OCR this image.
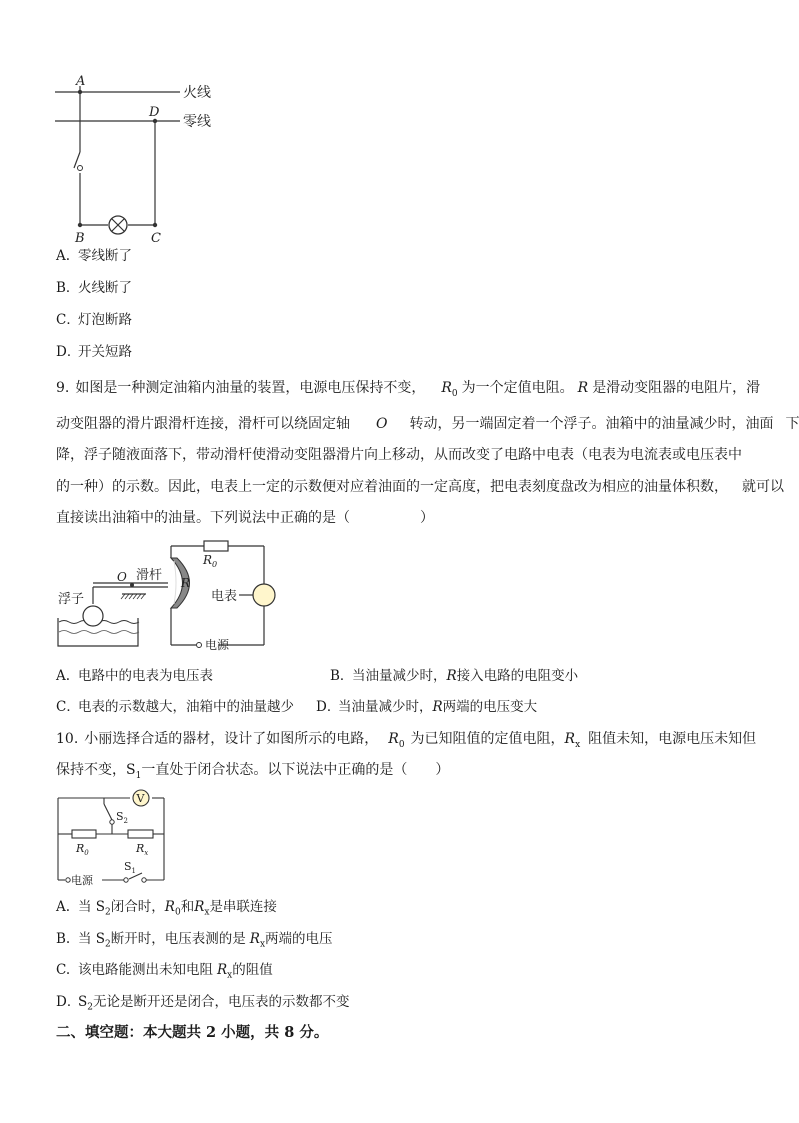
A
D
B	C
火线
零线
A. 零线断了
B．火线断了
C．灯泡断路
D．开关短路
9. 如图是一种测定油箱内油量的装置，电源电压保持不变， $R_0$ 为一个定值电阻。 R 是滑动变阻器的电阻片，滑
动变阻器的滑片跟滑杆连接，滑杆可以绕固定轴 O 转动，另一端固定着一个浮子。油箱中的油量减少时，油面 下
降，浮子随液面落下，带动滑杆使滑动变阻器滑片向上移动，从而改变了电路中电表（电表为电流表或电压表中
的一种）的示数。因此，电表上一定的示数便对应着油面的一定高度，把电表刻度盘改为相应的油量体积数， 就可以
直接读出油箱中的油量。下列说法中正确的是（　　　　　）
电源
$R_0$
滑杆
O	R
浮子	电表
A. 电路中的电表为电压表	B．当油量减少时，R接入电路的电阻变小
C．电表的示数越大，油箱中的油量越少 D．当油量减少时，R两端的电压变大
10. 小丽选择合适的器材，设计了如图所示的电路， $R_0$ 为已知阻值的定值电阻，$R_x$ 阻值未知，电源电压未知但
保持不变，$S_1$一直处于闭合状态。以下说法中正确的是（　　）
V
$S_2$
$R_0$	$R_x$
$S_1$
电源
A. 当 $S_2$闭合时，$R_0$和$R_x$是串联连接
B. 当 $S_2$断开时，电压表测的是 $R_x$两端的电压
C. 该电路能测出未知电阻 $R_x$的阻值
D．$S_2$无论是断开还是闭合，电压表的示数都不变
二、填空题：本大题共 2 小题，共 8 分。
